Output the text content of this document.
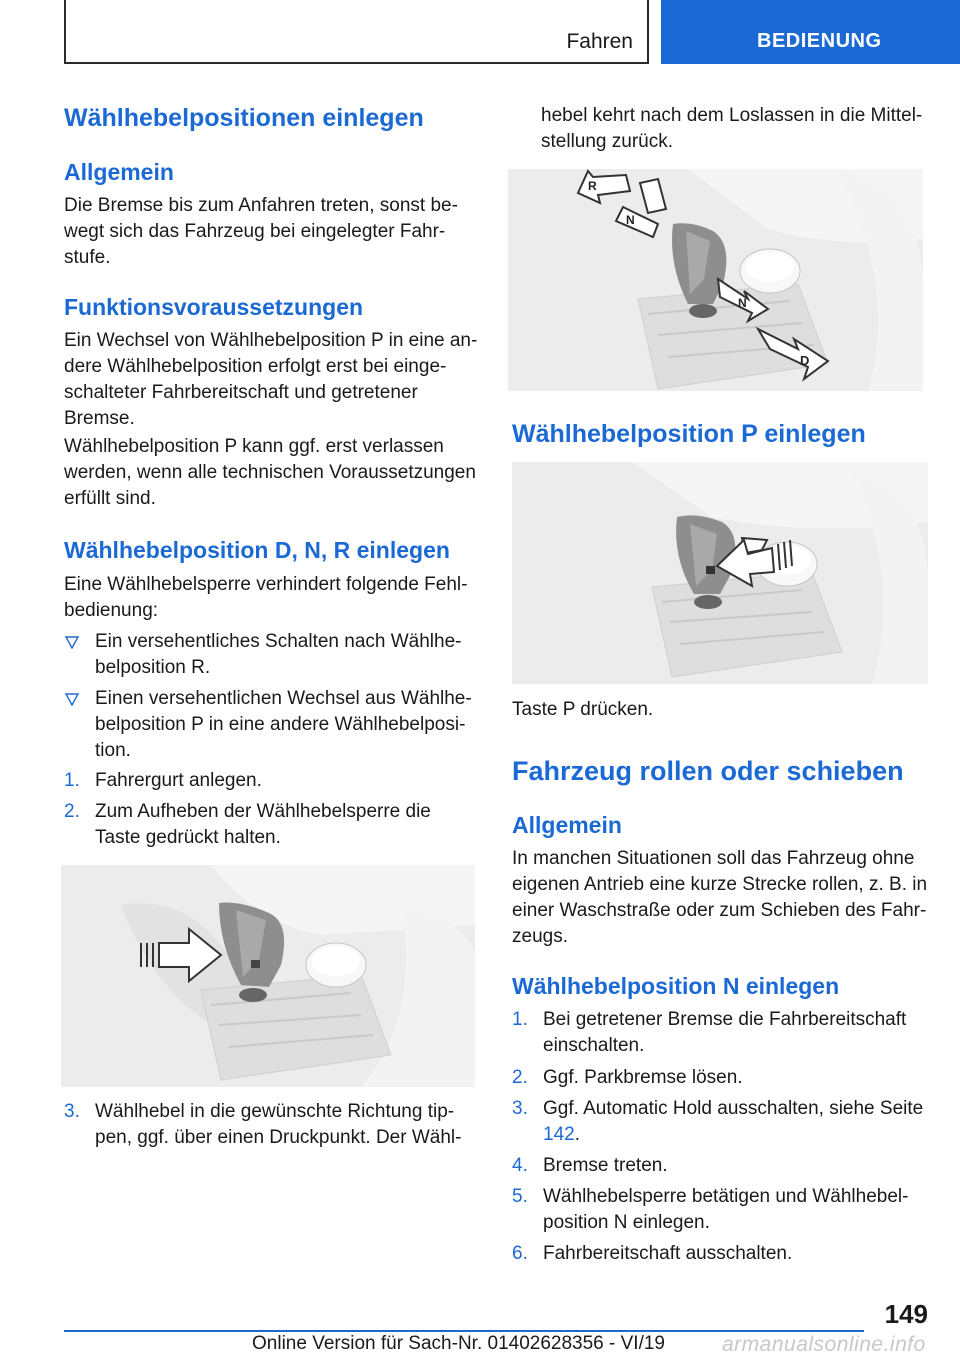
Fahren	BEDIENUNG
Wählhebelpositionen einlegen
Allgemein
Die Bremse bis zum Anfahren treten, sonst be-wegt sich das Fahrzeug bei eingelegter Fahr-stufe.
Funktionsvoraussetzungen
Ein Wechsel von Wählhebelposition P in eine an-dere Wählhebelposition erfolgt erst bei einge-schalteter Fahrbereitschaft und getretener Bremse.
Wählhebelposition P kann ggf. erst verlassen werden, wenn alle technischen Voraussetzungen erfüllt sind.
Wählhebelposition D, N, R einlegen
Eine Wählhebelsperre verhindert folgende Fehl-bedienung:
Ein versehentliches Schalten nach Wählhe-belposition R.
Einen versehentlichen Wechsel aus Wählhe-belposition P in eine andere Wählhebelposi-tion.
1. Fahrergurt anlegen.
2. Zum Aufheben der Wählhebelsperre die Taste gedrückt halten.
3. Wählhebel in die gewünschte Richtung tip-pen, ggf. über einen Druckpunkt. Der Wähl-
hebel kehrt nach dem Loslassen in die Mittel-stellung zurück.
R
N
N
D
Wählhebelposition P einlegen
Taste P drücken.
Fahrzeug rollen oder schieben
Allgemein
In manchen Situationen soll das Fahrzeug ohne eigenen Antrieb eine kurze Strecke rollen, z. B. in einer Waschstraße oder zum Schieben des Fahr-zeugs.
Wählhebelposition N einlegen
1. Bei getretener Bremse die Fahrbereitschaft einschalten.
2. Ggf. Parkbremse lösen.
3. Ggf. Automatic Hold ausschalten, siehe Seite 142.
4. Bremse treten.
5. Wählhebelsperre betätigen und Wählhebel-position N einlegen.
6. Fahrbereitschaft ausschalten.
149
Online Version für Sach-Nr. 01402628356 - VI/19	armanualsonline.info
